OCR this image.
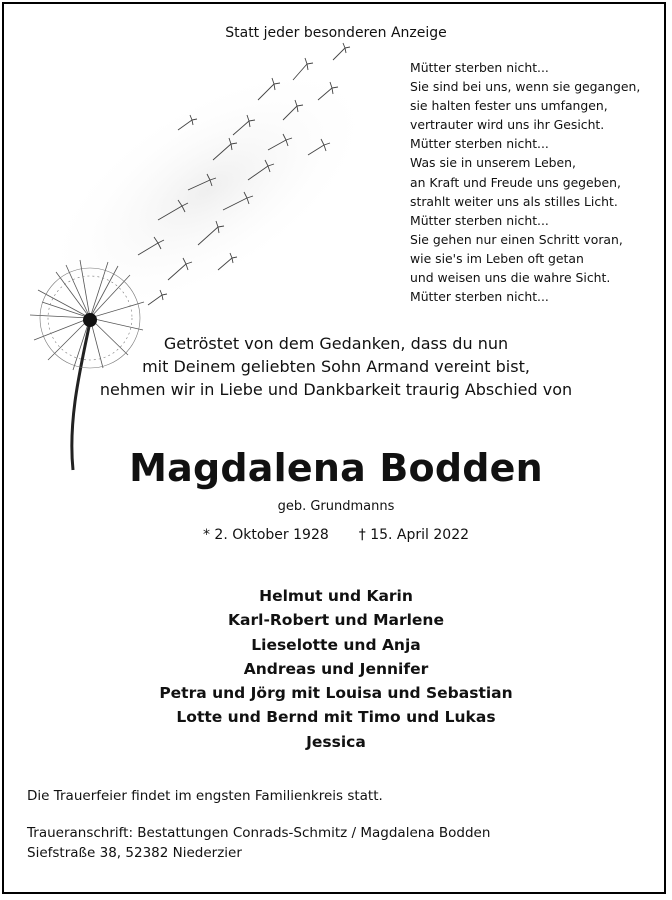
Statt jeder besonderen Anzeige
Mütter sterben nicht...
Sie sind bei uns, wenn sie gegangen,
sie halten fester uns umfangen,
vertrauter wird uns ihr Gesicht.
Mütter sterben nicht...
Was sie in unserem Leben,
an Kraft und Freude uns gegeben,
strahlt weiter uns als stilles Licht.
Mütter sterben nicht...
Sie gehen nur einen Schritt voran,
wie sie's im Leben oft getan
und weisen uns die wahre Sicht.
Mütter sterben nicht...
Getröstet von dem Gedanken, dass du nun
mit Deinem geliebten Sohn Armand vereint bist,
nehmen wir in Liebe und Dankbarkeit traurig Abschied von
Magdalena Bodden
geb. Grundmanns
* 2. Oktober 1928 † 15. April 2022
Helmut und Karin
Karl-Robert und Marlene
Lieselotte und Anja
Andreas und Jennifer
Petra und Jörg mit Louisa und Sebastian
Lotte und Bernd mit Timo und Lukas
Jessica
Die Trauerfeier findet im engsten Familienkreis statt.
Traueranschrift: Bestattungen Conrads-Schmitz / Magdalena Bodden
Siefstraße 38, 52382 Niederzier
